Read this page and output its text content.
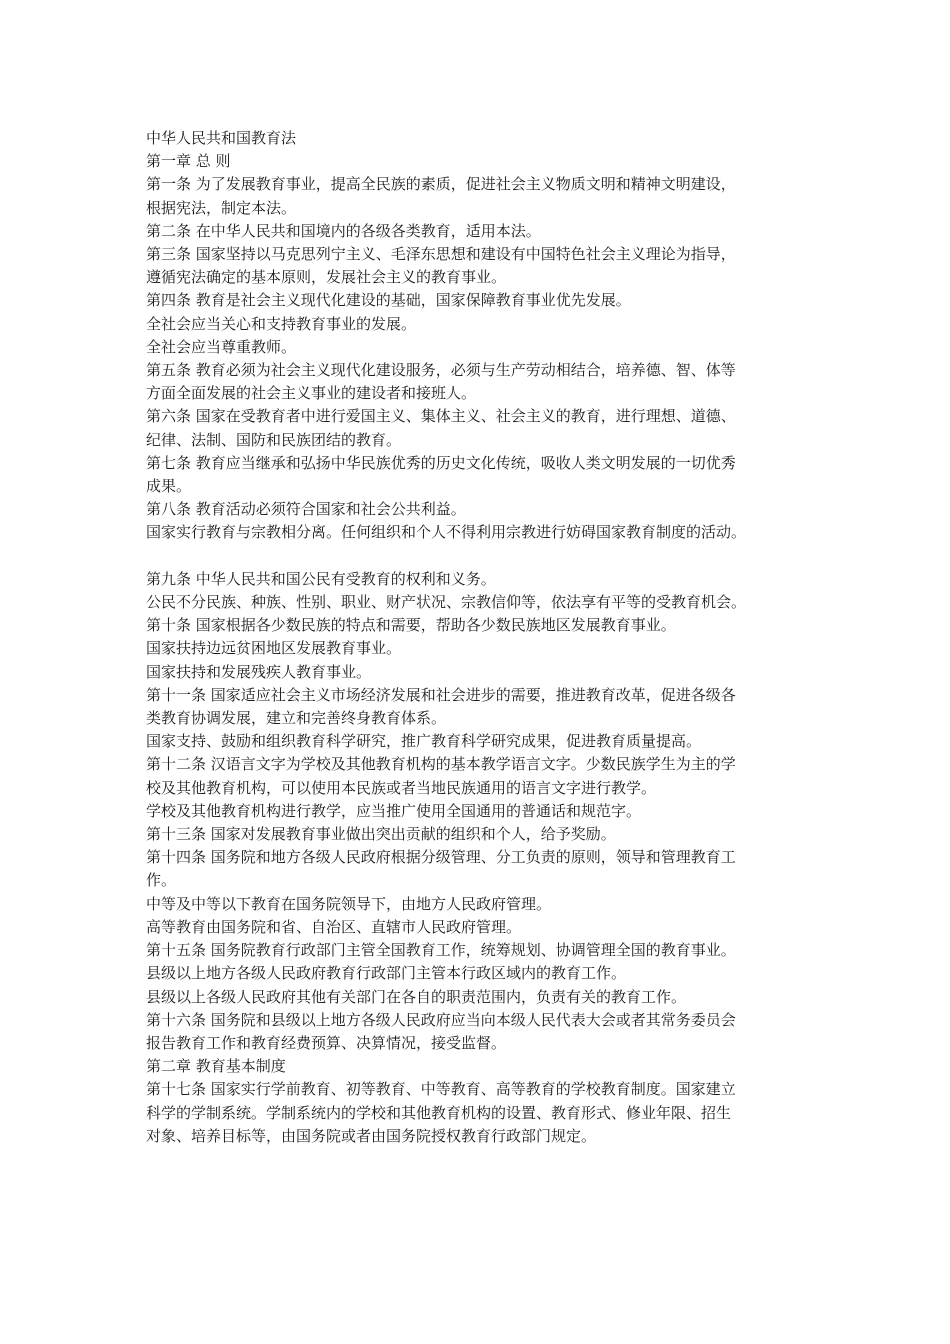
中华人民共和国教育法
第一章 总 则
第一条 为了发展教育事业，提高全民族的素质，促进社会主义物质文明和精神文明建设，
根据宪法，制定本法。
第二条 在中华人民共和国境内的各级各类教育，适用本法。
第三条 国家坚持以马克思列宁主义、毛泽东思想和建设有中国特色社会主义理论为指导，
遵循宪法确定的基本原则，发展社会主义的教育事业。
第四条 教育是社会主义现代化建设的基础，国家保障教育事业优先发展。
全社会应当关心和支持教育事业的发展。
全社会应当尊重教师。
第五条 教育必须为社会主义现代化建设服务，必须与生产劳动相结合，培养德、智、体等
方面全面发展的社会主义事业的建设者和接班人。
第六条 国家在受教育者中进行爱国主义、集体主义、社会主义的教育，进行理想、道德、
纪律、法制、国防和民族团结的教育。
第七条 教育应当继承和弘扬中华民族优秀的历史文化传统，吸收人类文明发展的一切优秀
成果。
第八条 教育活动必须符合国家和社会公共利益。
国家实行教育与宗教相分离。任何组织和个人不得利用宗教进行妨碍国家教育制度的活动。
第九条 中华人民共和国公民有受教育的权利和义务。
公民不分民族、种族、性别、职业、财产状况、宗教信仰等，依法享有平等的受教育机会。
第十条 国家根据各少数民族的特点和需要，帮助各少数民族地区发展教育事业。
国家扶持边远贫困地区发展教育事业。
国家扶持和发展残疾人教育事业。
第十一条 国家适应社会主义市场经济发展和社会进步的需要，推进教育改革，促进各级各
类教育协调发展，建立和完善终身教育体系。
国家支持、鼓励和组织教育科学研究，推广教育科学研究成果，促进教育质量提高。
第十二条 汉语言文字为学校及其他教育机构的基本教学语言文字。少数民族学生为主的学
校及其他教育机构，可以使用本民族或者当地民族通用的语言文字进行教学。
学校及其他教育机构进行教学，应当推广使用全国通用的普通话和规范字。
第十三条 国家对发展教育事业做出突出贡献的组织和个人，给予奖励。
第十四条 国务院和地方各级人民政府根据分级管理、分工负责的原则，领导和管理教育工
作。
中等及中等以下教育在国务院领导下，由地方人民政府管理。
高等教育由国务院和省、自治区、直辖市人民政府管理。
第十五条 国务院教育行政部门主管全国教育工作，统筹规划、协调管理全国的教育事业。
县级以上地方各级人民政府教育行政部门主管本行政区域内的教育工作。
县级以上各级人民政府其他有关部门在各自的职责范围内，负责有关的教育工作。
第十六条 国务院和县级以上地方各级人民政府应当向本级人民代表大会或者其常务委员会
报告教育工作和教育经费预算、决算情况，接受监督。
第二章 教育基本制度
第十七条 国家实行学前教育、初等教育、中等教育、高等教育的学校教育制度。国家建立
科学的学制系统。学制系统内的学校和其他教育机构的设置、教育形式、修业年限、招生
对象、培养目标等，由国务院或者由国务院授权教育行政部门规定。
